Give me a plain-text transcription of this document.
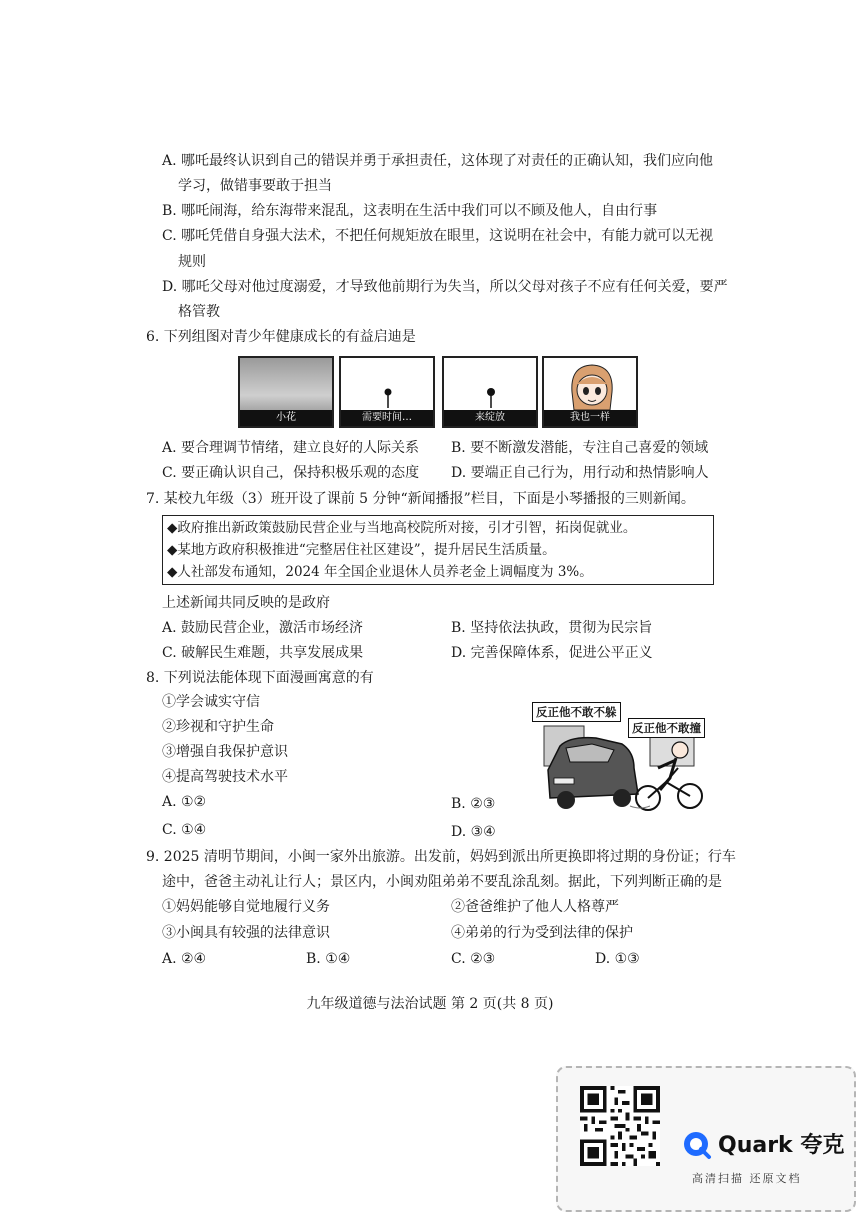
A. 哪吒最终认识到自己的错误并勇于承担责任，这体现了对责任的正确认知，我们应向他
学习，做错事要敢于担当
B. 哪吒闹海，给东海带来混乱，这表明在生活中我们可以不顾及他人，自由行事
C. 哪吒凭借自身强大法术，不把任何规矩放在眼里，这说明在社会中，有能力就可以无视
规则
D. 哪吒父母对他过度溺爱，才导致他前期行为失当，所以父母对孩子不应有任何关爱，要严
格管教
6. 下列组图对青少年健康成长的有益启迪是
小花	需要时间…	来绽放	我也一样
A. 要合理调节情绪，建立良好的人际关系 B. 要不断激发潜能，专注自己喜爱的领域
C. 要正确认识自己，保持积极乐观的态度 D. 要端正自己行为，用行动和热情影响人
7. 某校九年级（3）班开设了课前 5 分钟“新闻播报”栏目，下面是小琴播报的三则新闻。
◆政府推出新政策鼓励民营企业与当地高校院所对接，引才引智，拓岗促就业。
◆某地方政府积极推进“完整居住社区建设”，提升居民生活质量。
◆人社部发布通知，2024 年全国企业退休人员养老金上调幅度为 3%。
上述新闻共同反映的是政府
A. 鼓励民营企业，激活市场经济	B. 坚持依法执政，贯彻为民宗旨
C. 破解民生难题，共享发展成果	D. 完善保障体系，促进公平正义
8. 下列说法能体现下面漫画寓意的有
①学会诚实守信
②珍视和守护生命
③增强自我保护意识
④提高驾驶技术水平
A. ①②	B. ②③
C. ①④	D. ③④
反正他不敢不躲
反正他不敢撞
9. 2025 清明节期间，小闽一家外出旅游。出发前，妈妈到派出所更换即将过期的身份证；行车
途中，爸爸主动礼让行人；景区内，小闽劝阻弟弟不要乱涂乱刻。据此，下列判断正确的是
①妈妈能够自觉地履行义务	②爸爸维护了他人人格尊严
③小闽具有较强的法律意识	④弟弟的行为受到法律的保护
A. ②④	B. ①④	C. ②③	D. ①③
九年级道德与法治试题 第 2 页(共 8 页)
Quark 夸克
高清扫描 还原文档
